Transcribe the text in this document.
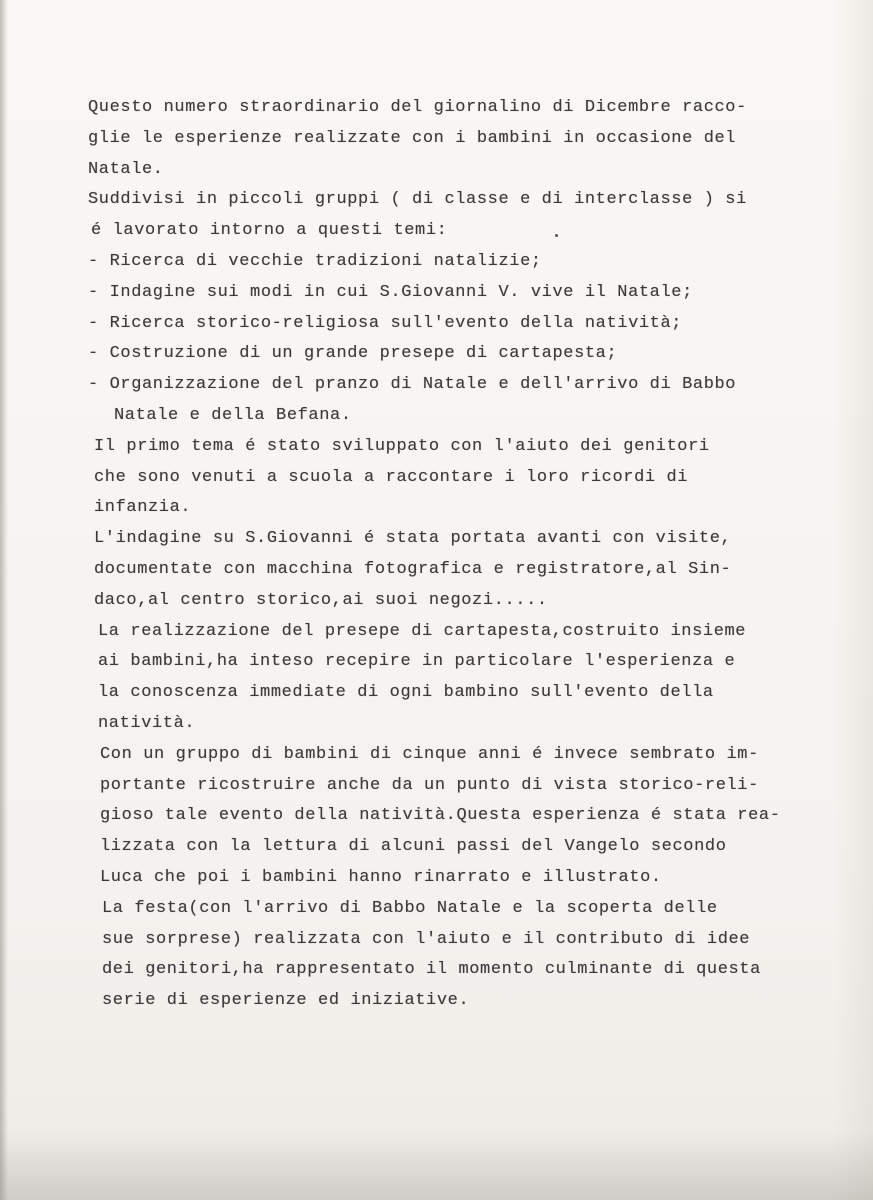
Questo numero straordinario del giornalino di Dicembre racco-
glie le esperienze realizzate con i bambini in occasione del
Natale.
Suddivisi in piccoli gruppi ( di classe e di interclasse ) si
é lavorato intorno a questi temi:
- Ricerca di vecchie tradizioni natalizie;
- Indagine sui modi in cui S.Giovanni V. vive il Natale;
- Ricerca storico-religiosa sull'evento della natività;
- Costruzione di un grande presepe di cartapesta;
- Organizzazione del pranzo di Natale e dell'arrivo di Babbo
Natale e della Befana.
Il primo tema é stato sviluppato con l'aiuto dei genitori
che sono venuti a scuola a raccontare i loro ricordi di
infanzia.
L'indagine su S.Giovanni é stata portata avanti con visite,
documentate con macchina fotografica e registratore,al Sin-
daco,al centro storico,ai suoi negozi.....
La realizzazione del presepe di cartapesta,costruito insieme
ai bambini,ha inteso recepire in particolare l'esperienza e
la conoscenza immediate di ogni bambino sull'evento della
natività.
Con un gruppo di bambini di cinque anni é invece sembrato im-
portante ricostruire anche da un punto di vista storico-reli-
gioso tale evento della natività.Questa esperienza é stata rea-
lizzata con la lettura di alcuni passi del Vangelo secondo
Luca che poi i bambini hanno rinarrato e illustrato.
La festa(con l'arrivo di Babbo Natale e la scoperta delle
sue sorprese) realizzata con l'aiuto e il contributo di idee
dei genitori,ha rappresentato il momento culminante di questa
serie di esperienze ed iniziative.
